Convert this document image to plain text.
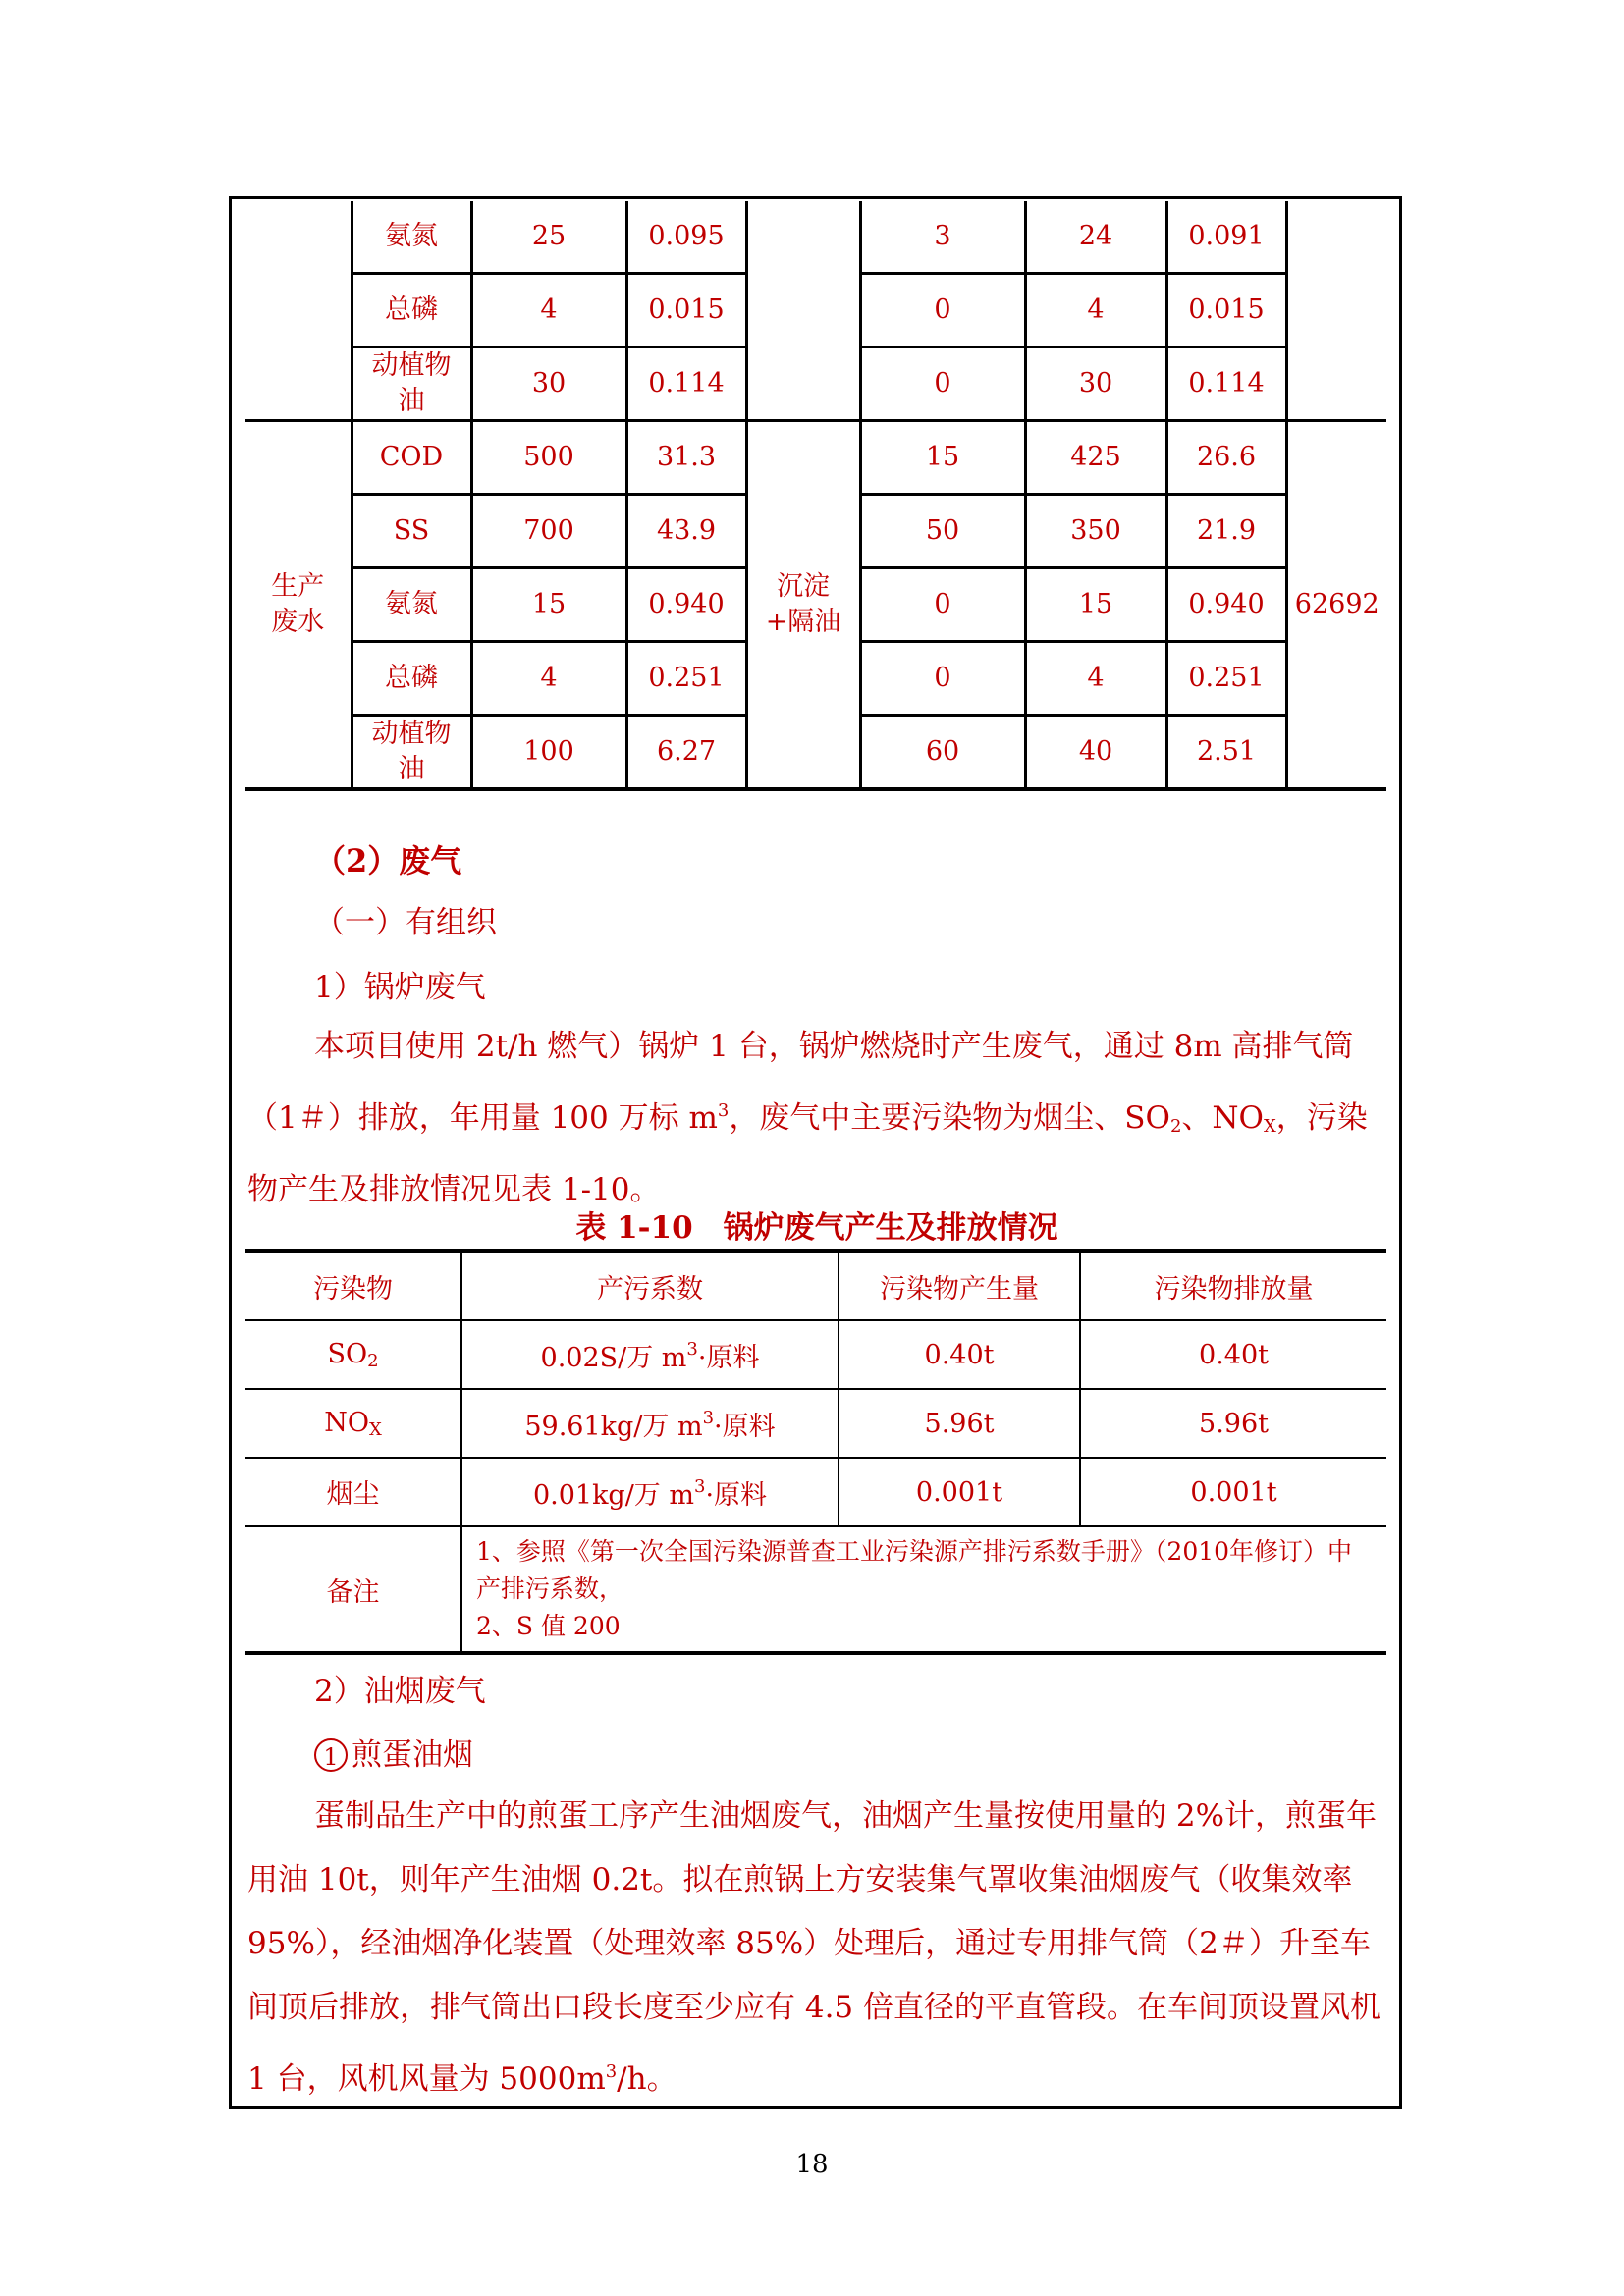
	氨氮	25	0.095		3	24	0.091	
	总磷	4	0.015		0	4	0.015	
	动植物油	30	0.114		0	30	0.114	
生产废水	COD	500	31.3	沉淀+隔油	15	425	26.6	62692
	SS	700	43.9		50	350	21.9	
	氨氮	15	0.940		0	15	0.940	
	总磷	4	0.251		0	4	0.251	
	动植物油	100	6.27		60	40	2.51	
（2）废气
（一）有组织
1）锅炉废气
本项目使用 2t/h 燃气）锅炉 1 台，锅炉燃烧时产生废气，通过 8m 高排气筒（1＃）排放，年用量 100 万标 $m^3$，废气中主要污染物为烟尘、$SO_2$、$NO_X$，污染物产生及排放情况见表 1-10。
表 1-10　锅炉废气产生及排放情况
污染物	产污系数	污染物产生量	污染物排放量
$SO_2$	0.02S/万 $m^3\cdot$原料	0.40t	0.40t
$NO_X$	59.61kg/万 $m^3\cdot$原料	5.96t	5.96t
烟尘	0.01kg/万 $m^3\cdot$原料	0.001t	0.001t
备注	1、参照《第一次全国污染源普查工业污染源产排污系数手册》（2010年修订）中产排污系数，
2、S 值 200		
2）油烟废气
1 煎蛋油烟
蛋制品生产中的煎蛋工序产生油烟废气，油烟产生量按使用量的 2%计，煎蛋年用油 10t，则年产生油烟 0.2t。拟在煎锅上方安装集气罩收集油烟废气（收集效率 95%），经油烟净化装置（处理效率 85%）处理后，通过专用排气筒（2＃）升至车间顶后排放，排气筒出口段长度至少应有 4.5 倍直径的平直管段。在车间顶设置风机 1 台，风机风量为 $5000m^3/h$。
18
